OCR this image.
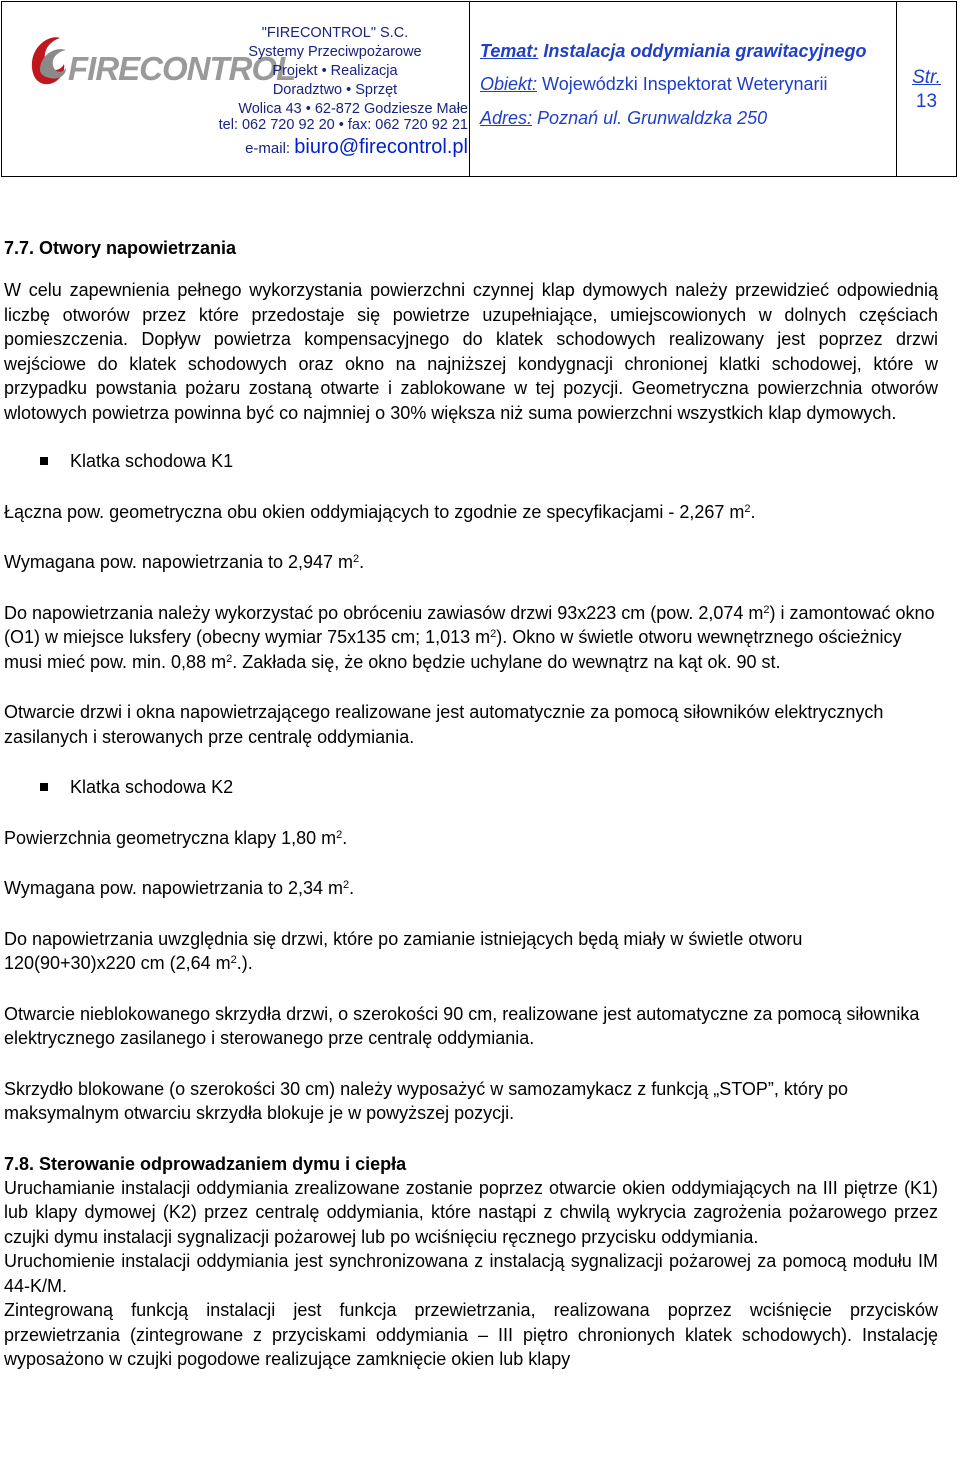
FIRECONTROL
"FIRECONTROL" S.C.
Systemy Przeciwpożarowe
Projekt • Realizacja
Doradztwo • Sprzęt
Wolica 43 • 62-872 Godziesze Małe
tel: 062 720 92 20 • fax: 062 720 92 21
e-mail: biuro@firecontrol.pl
Temat: Instalacja oddymiania grawitacyjnego
Obiekt: Wojewódzki Inspektorat Weterynarii
Adres: Poznań ul. Grunwaldzka 250
Str.
13
7.7. Otwory napowietrzania

W celu zapewnienia pełnego wykorzystania powierzchni czynnej klap dymowych należy przewidzieć odpowiednią liczbę otworów przez które przedostaje się powietrze uzupełniające, umiejscowionych w dolnych częściach pomieszczenia. Dopływ powietrza kompensacyjnego do klatek schodowych realizowany jest poprzez drzwi wejściowe do klatek schodowych oraz okno na najniższej kondygnacji chronionej klatki schodowej, które w przypadku powstania pożaru zostaną otwarte i zablokowane w tej pozycji. Geometryczna powierzchnia otworów wlotowych powietrza powinna być co najmniej o 30% większa niż suma powierzchni wszystkich klap dymowych.

Klatka schodowa K1

Łączna pow. geometryczna obu okien oddymiających to zgodnie ze specyfikacjami - 2,267 $m^2$.

Wymagana pow. napowietrzania to 2,947 $m^2$.

Do napowietrzania należy wykorzystać po obróceniu zawiasów drzwi 93x223 cm (pow. 2,074 $m^2$) i zamontować okno (O1) w miejsce luksfery (obecny wymiar 75x135 cm; 1,013 $m^2$). Okno w świetle otworu wewnętrznego ościeżnicy musi mieć pow. min. 0,88 $m^2$. Zakłada się, że okno będzie uchylane do wewnątrz na kąt ok. 90 st.

Otwarcie drzwi i okna napowietrzającego realizowane jest automatycznie za pomocą siłowników elektrycznych zasilanych i sterowanych prze centralę oddymiania.

Klatka schodowa K2

Powierzchnia geometryczna klapy 1,80 $m^2$.

Wymagana pow. napowietrzania to 2,34 $m^2$.

Do napowietrzania uwzględnia się drzwi, które po zamianie istniejących będą miały w świetle otworu 120(90+30)x220 cm (2,64 $m^2$.).

Otwarcie nieblokowanego skrzydła drzwi, o szerokości 90 cm, realizowane jest automatyczne za pomocą siłownika elektrycznego zasilanego i sterowanego prze centralę oddymiania.

Skrzydło blokowane (o szerokości 30 cm) należy wyposażyć w samozamykacz z funkcją „STOP”, który po maksymalnym otwarciu skrzydła blokuje je w powyższej pozycji.

7.8. Sterowanie odprowadzaniem dymu i ciepła

Uruchamianie instalacji oddymiania zrealizowane zostanie poprzez otwarcie okien oddymiających na III piętrze (K1) lub klapy dymowej (K2) przez centralę oddymiania, które nastąpi z chwilą wykrycia zagrożenia pożarowego przez czujki dymu instalacji sygnalizacji pożarowej lub po wciśnięciu ręcznego przycisku oddymiania.

Uruchomienie instalacji oddymiania jest synchronizowana z instalacją sygnalizacji pożarowej za pomocą modułu IM 44-K/M.

Zintegrowaną funkcją instalacji jest funkcja przewietrzania, realizowana poprzez wciśnięcie przycisków przewietrzania (zintegrowane z przyciskami oddymiania – III piętro chronionych klatek schodowych). Instalację wyposażono w czujki pogodowe realizujące zamknięcie okien lub klapy
